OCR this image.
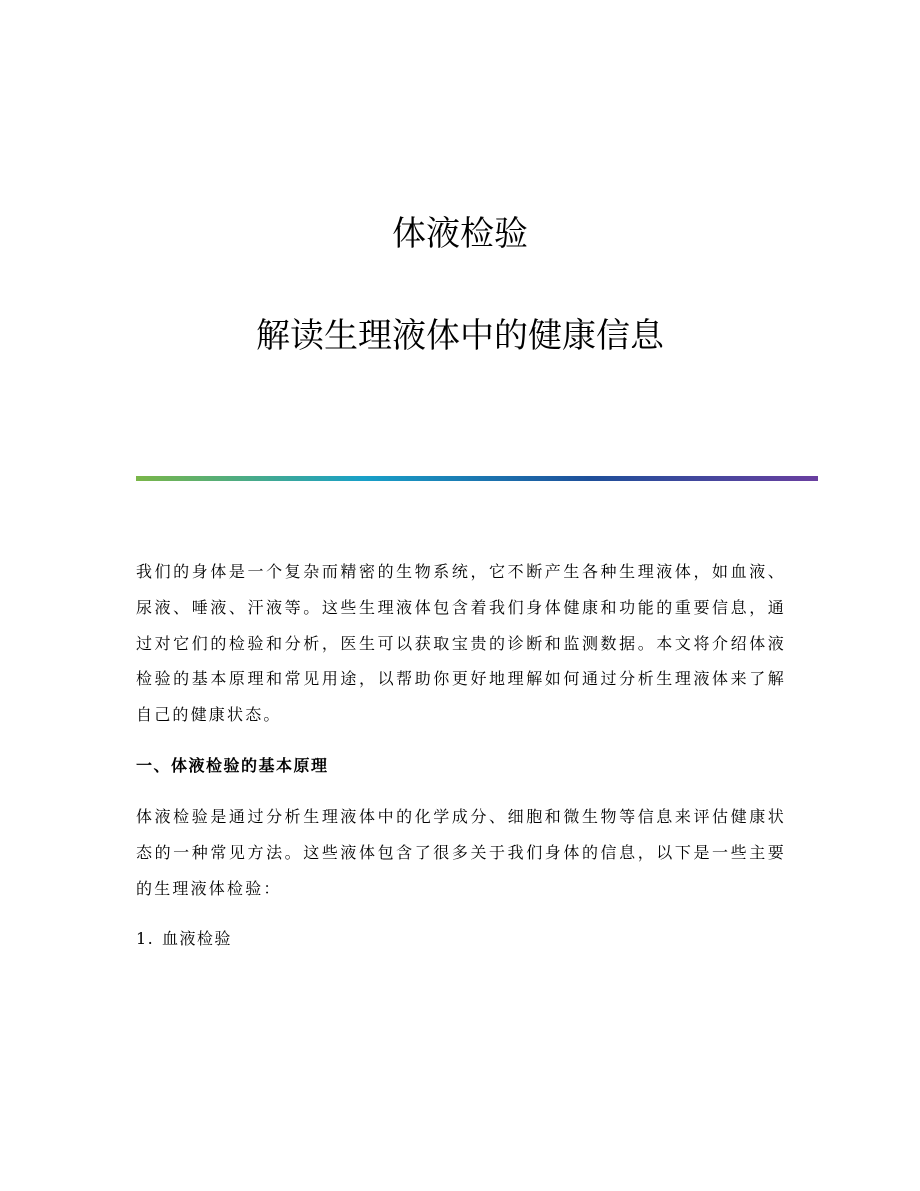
体液检验
解读生理液体中的健康信息

我们的身体是一个复杂而精密的生物系统，它不断产生各种生理液体，如血液、尿液、唾液、汗液等。这些生理液体包含着我们身体健康和功能的重要信息，通过对它们的检验和分析，医生可以获取宝贵的诊断和监测数据。本文将介绍体液检验的基本原理和常见用途，以帮助你更好地理解如何通过分析生理液体来了解自己的健康状态。

一、体液检验的基本原理

体液检验是通过分析生理液体中的化学成分、细胞和微生物等信息来评估健康状态的一种常见方法。这些液体包含了很多关于我们身体的信息，以下是一些主要的生理液体检验：

1. 血液检验
